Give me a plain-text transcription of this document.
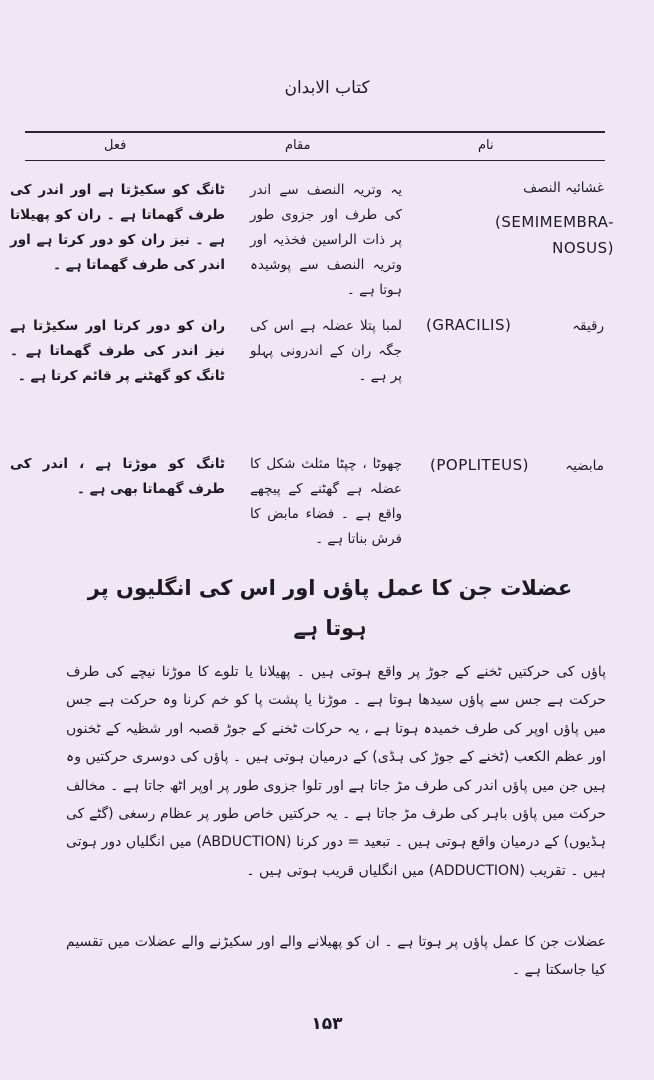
كتاب الابدان
نام
مقام
فعل
غشائیہ‌ النصف
(SEMIMEMBRA-
NOSUS)
یہ وتریہ النصف سے اندر کی طرف اور جزوی طور پر ذات الراسین فخذیہ اور وتریہ النصف سے پوشیدہ ہوتا ہے ۔
ٹانگ کو سکیڑتا ہے اور اندر کی طرف گھماتا ہے ۔ ران کو پھیلاتا ہے ۔ نیز ران کو دور کرتا ہے اور اندر کی طرف گھماتا ہے ۔
رقیقہ
(GRACILIS)
لمبا پتلا عضلہ ہے اس کی جگہ ران کے اندرونی پہلو پر ہے ۔
ران کو دور کرتا اور سکیڑتا ہے نیز اندر کی طرف گھماتا ہے ۔ ٹانگ کو گھٹنے پر قائم کرتا ہے ۔
مابضیہ
(POPLITEUS)
چھوٹا ، چپٹا مثلث شکل کا عضلہ ہے گھٹنے کے پیچھے واقع ہے ۔ فضاء مابض کا فرش بناتا ہے ۔
ٹانگ کو موڑتا ہے ، اندر کی طرف گھماتا بھی ہے ۔
عضلات جن کا عمل پاؤں اور اس کی انگلیوں پر ہوتا ہے
پاؤں کی حرکتیں ٹخنے کے جوڑ پر واقع ہوتی ہیں ۔ پھیلانا یا تلوے کا موڑنا نیچے کی طرف حرکت ہے جس سے پاؤں سیدھا ہوتا ہے ۔ موڑنا یا پشت پا کو خم کرنا وہ حرکت ہے جس میں پاؤں اوپر کی طرف خمیدہ ہوتا ہے ، یہ حرکات ٹخنے کے جوڑ قصبہ اور شظیہ کے ٹخنوں اور عظم الکعب (ٹخنے کے جوڑ کی ہڈی) کے درمیان ہوتی ہیں ۔ پاؤں کی دوسری حرکتیں وہ ہیں جن میں پاؤں اندر کی طرف مڑ جاتا ہے اور تلوا جزوی طور پر اوپر اٹھ جاتا ہے ۔ مخالف حرکت میں پاؤں باہر کی طرف مڑ جاتا ہے ۔ یہ حرکتیں خاص طور پر عظام رسغی (گٹے کی ہڈیوں) کے درمیان واقع ہوتی ہیں ۔ تبعید = دور کرنا (ABDUCTION) میں انگلیاں دور ہوتی ہیں ۔ تقریب (ADDUCTION) میں انگلیاں قریب ہوتی ہیں ۔
عضلات جن کا عمل پاؤں پر ہوتا ہے ۔ ان کو پھیلانے والے اور سکیڑنے والے عضلات میں تقسیم کیا جاسکتا ہے ۔
۱۵۳
